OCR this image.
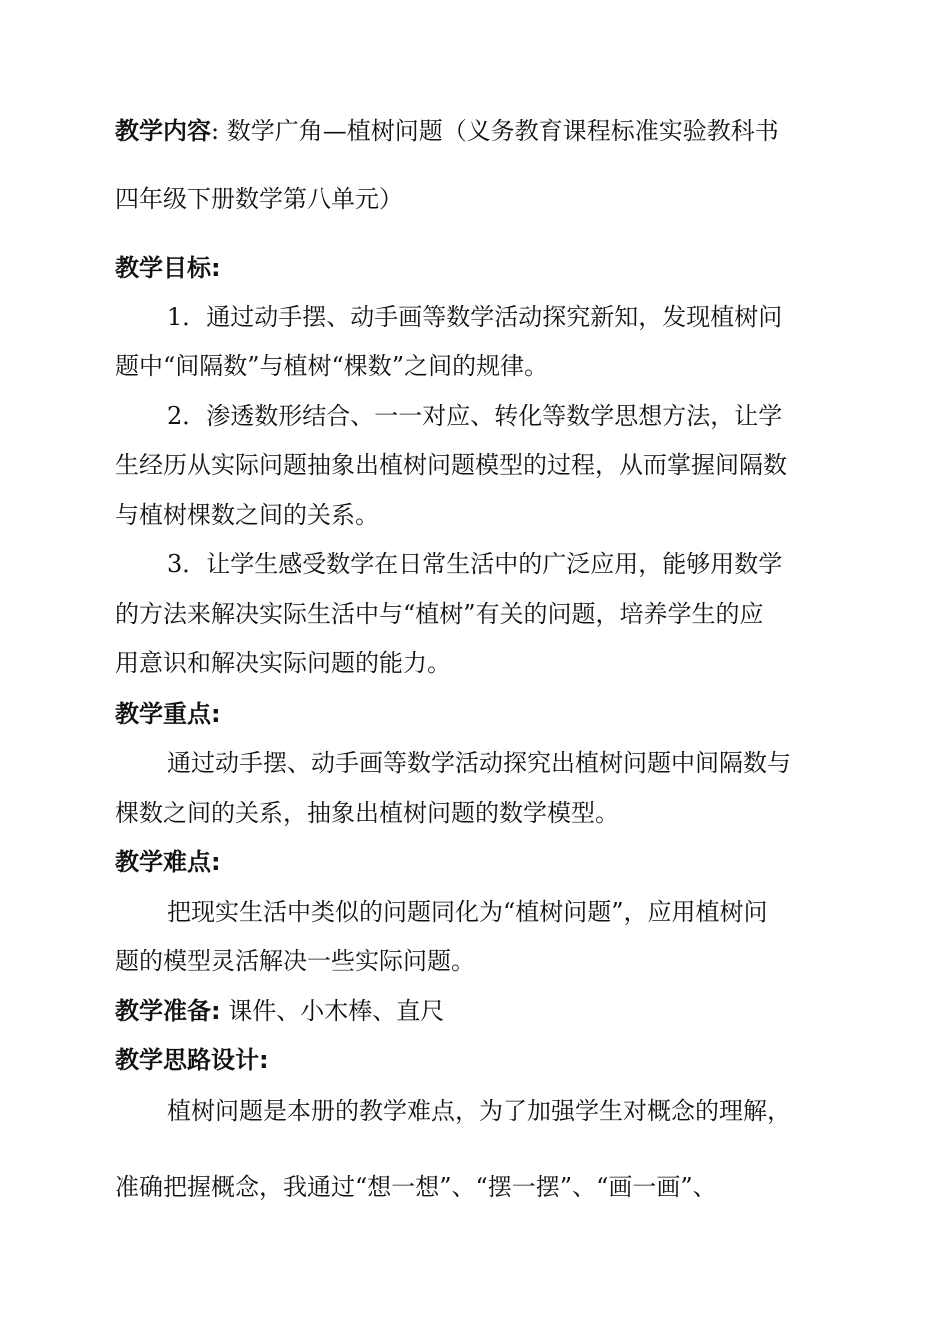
教学内容: 数学广角—植树问题（义务教育课程标准实验教科书
四年级下册数学第八单元）
教学目标:
1．通过动手摆、动手画等数学活动探究新知，发现植树问
题中“间隔数”与植树“棵数”之间的规律。
2．渗透数形结合、一一对应、转化等数学思想方法，让学
生经历从实际问题抽象出植树问题模型的过程，从而掌握间隔数
与植树棵数之间的关系。
3．让学生感受数学在日常生活中的广泛应用，能够用数学
的方法来解决实际生活中与“植树”有关的问题，培养学生的应
用意识和解决实际问题的能力。
教学重点:
通过动手摆、动手画等数学活动探究出植树问题中间隔数与
棵数之间的关系，抽象出植树问题的数学模型。
教学难点:
把现实生活中类似的问题同化为“植树问题”，应用植树问
题的模型灵活解决一些实际问题。
教学准备: 课件、小木棒、直尺
教学思路设计:
植树问题是本册的教学难点，为了加强学生对概念的理解，
准确把握概念，我通过“想一想”、“摆一摆”、“画一画”、
